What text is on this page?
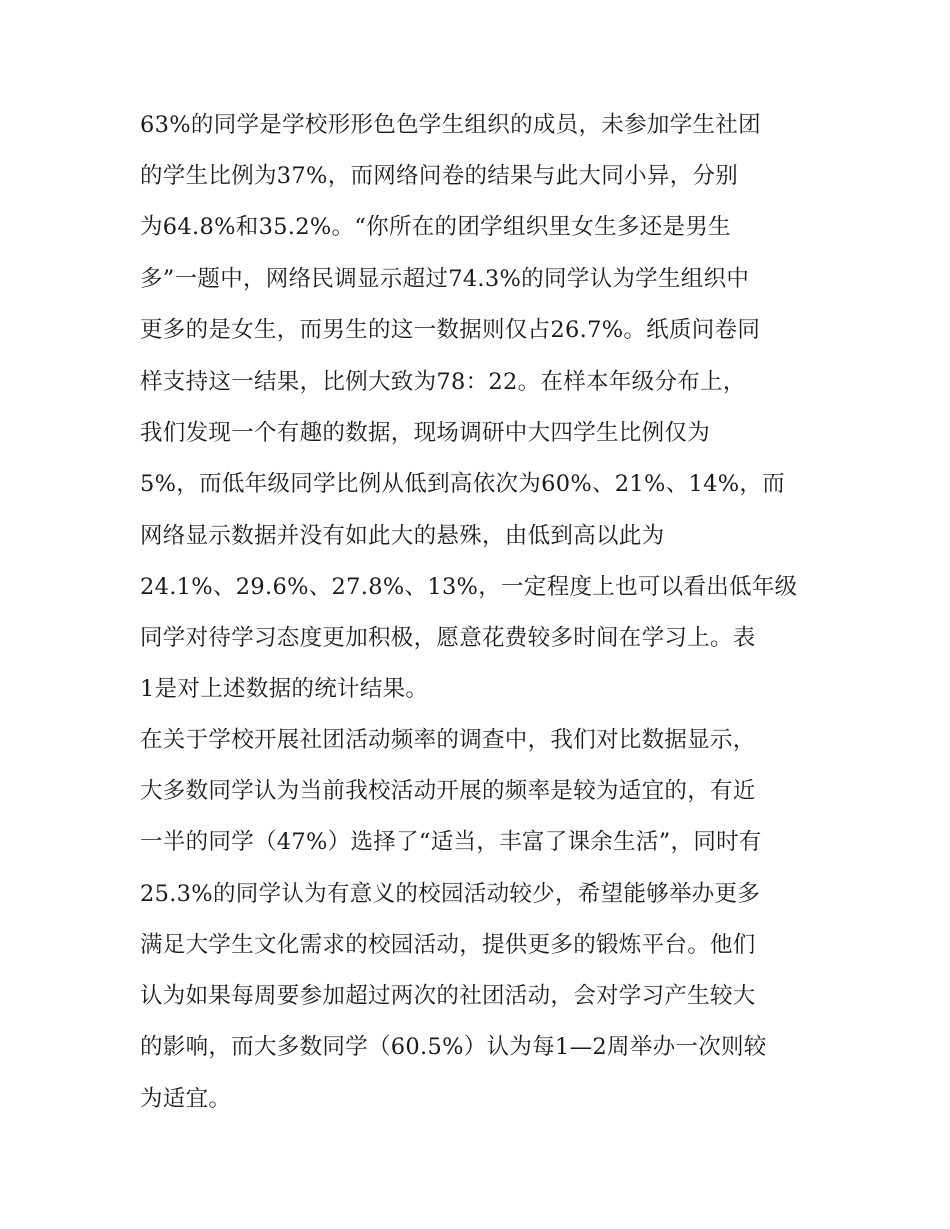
63%的同学是学校形形色色学生组织的成员，未参加学生社团
的学生比例为37%，而网络问卷的结果与此大同小异，分别
为64.8%和35.2%。“你所在的团学组织里女生多还是男生
多”一题中，网络民调显示超过74.3%的同学认为学生组织中
更多的是女生，而男生的这一数据则仅占26.7%。纸质问卷同
样支持这一结果，比例大致为78：22。在样本年级分布上，
我们发现一个有趣的数据，现场调研中大四学生比例仅为
5%，而低年级同学比例从低到高依次为60%、21%、14%，而
网络显示数据并没有如此大的悬殊，由低到高以此为
24.1%、29.6%、27.8%、13%，一定程度上也可以看出低年级
同学对待学习态度更加积极，愿意花费较多时间在学习上。表
1是对上述数据的统计结果。
在关于学校开展社团活动频率的调查中，我们对比数据显示，
大多数同学认为当前我校活动开展的频率是较为适宜的，有近
一半的同学（47%）选择了“适当，丰富了课余生活”，同时有
25.3%的同学认为有意义的校园活动较少，希望能够举办更多
满足大学生文化需求的校园活动，提供更多的锻炼平台。他们
认为如果每周要参加超过两次的社团活动，会对学习产生较大
的影响，而大多数同学（60.5%）认为每1—2周举办一次则较
为适宜。
